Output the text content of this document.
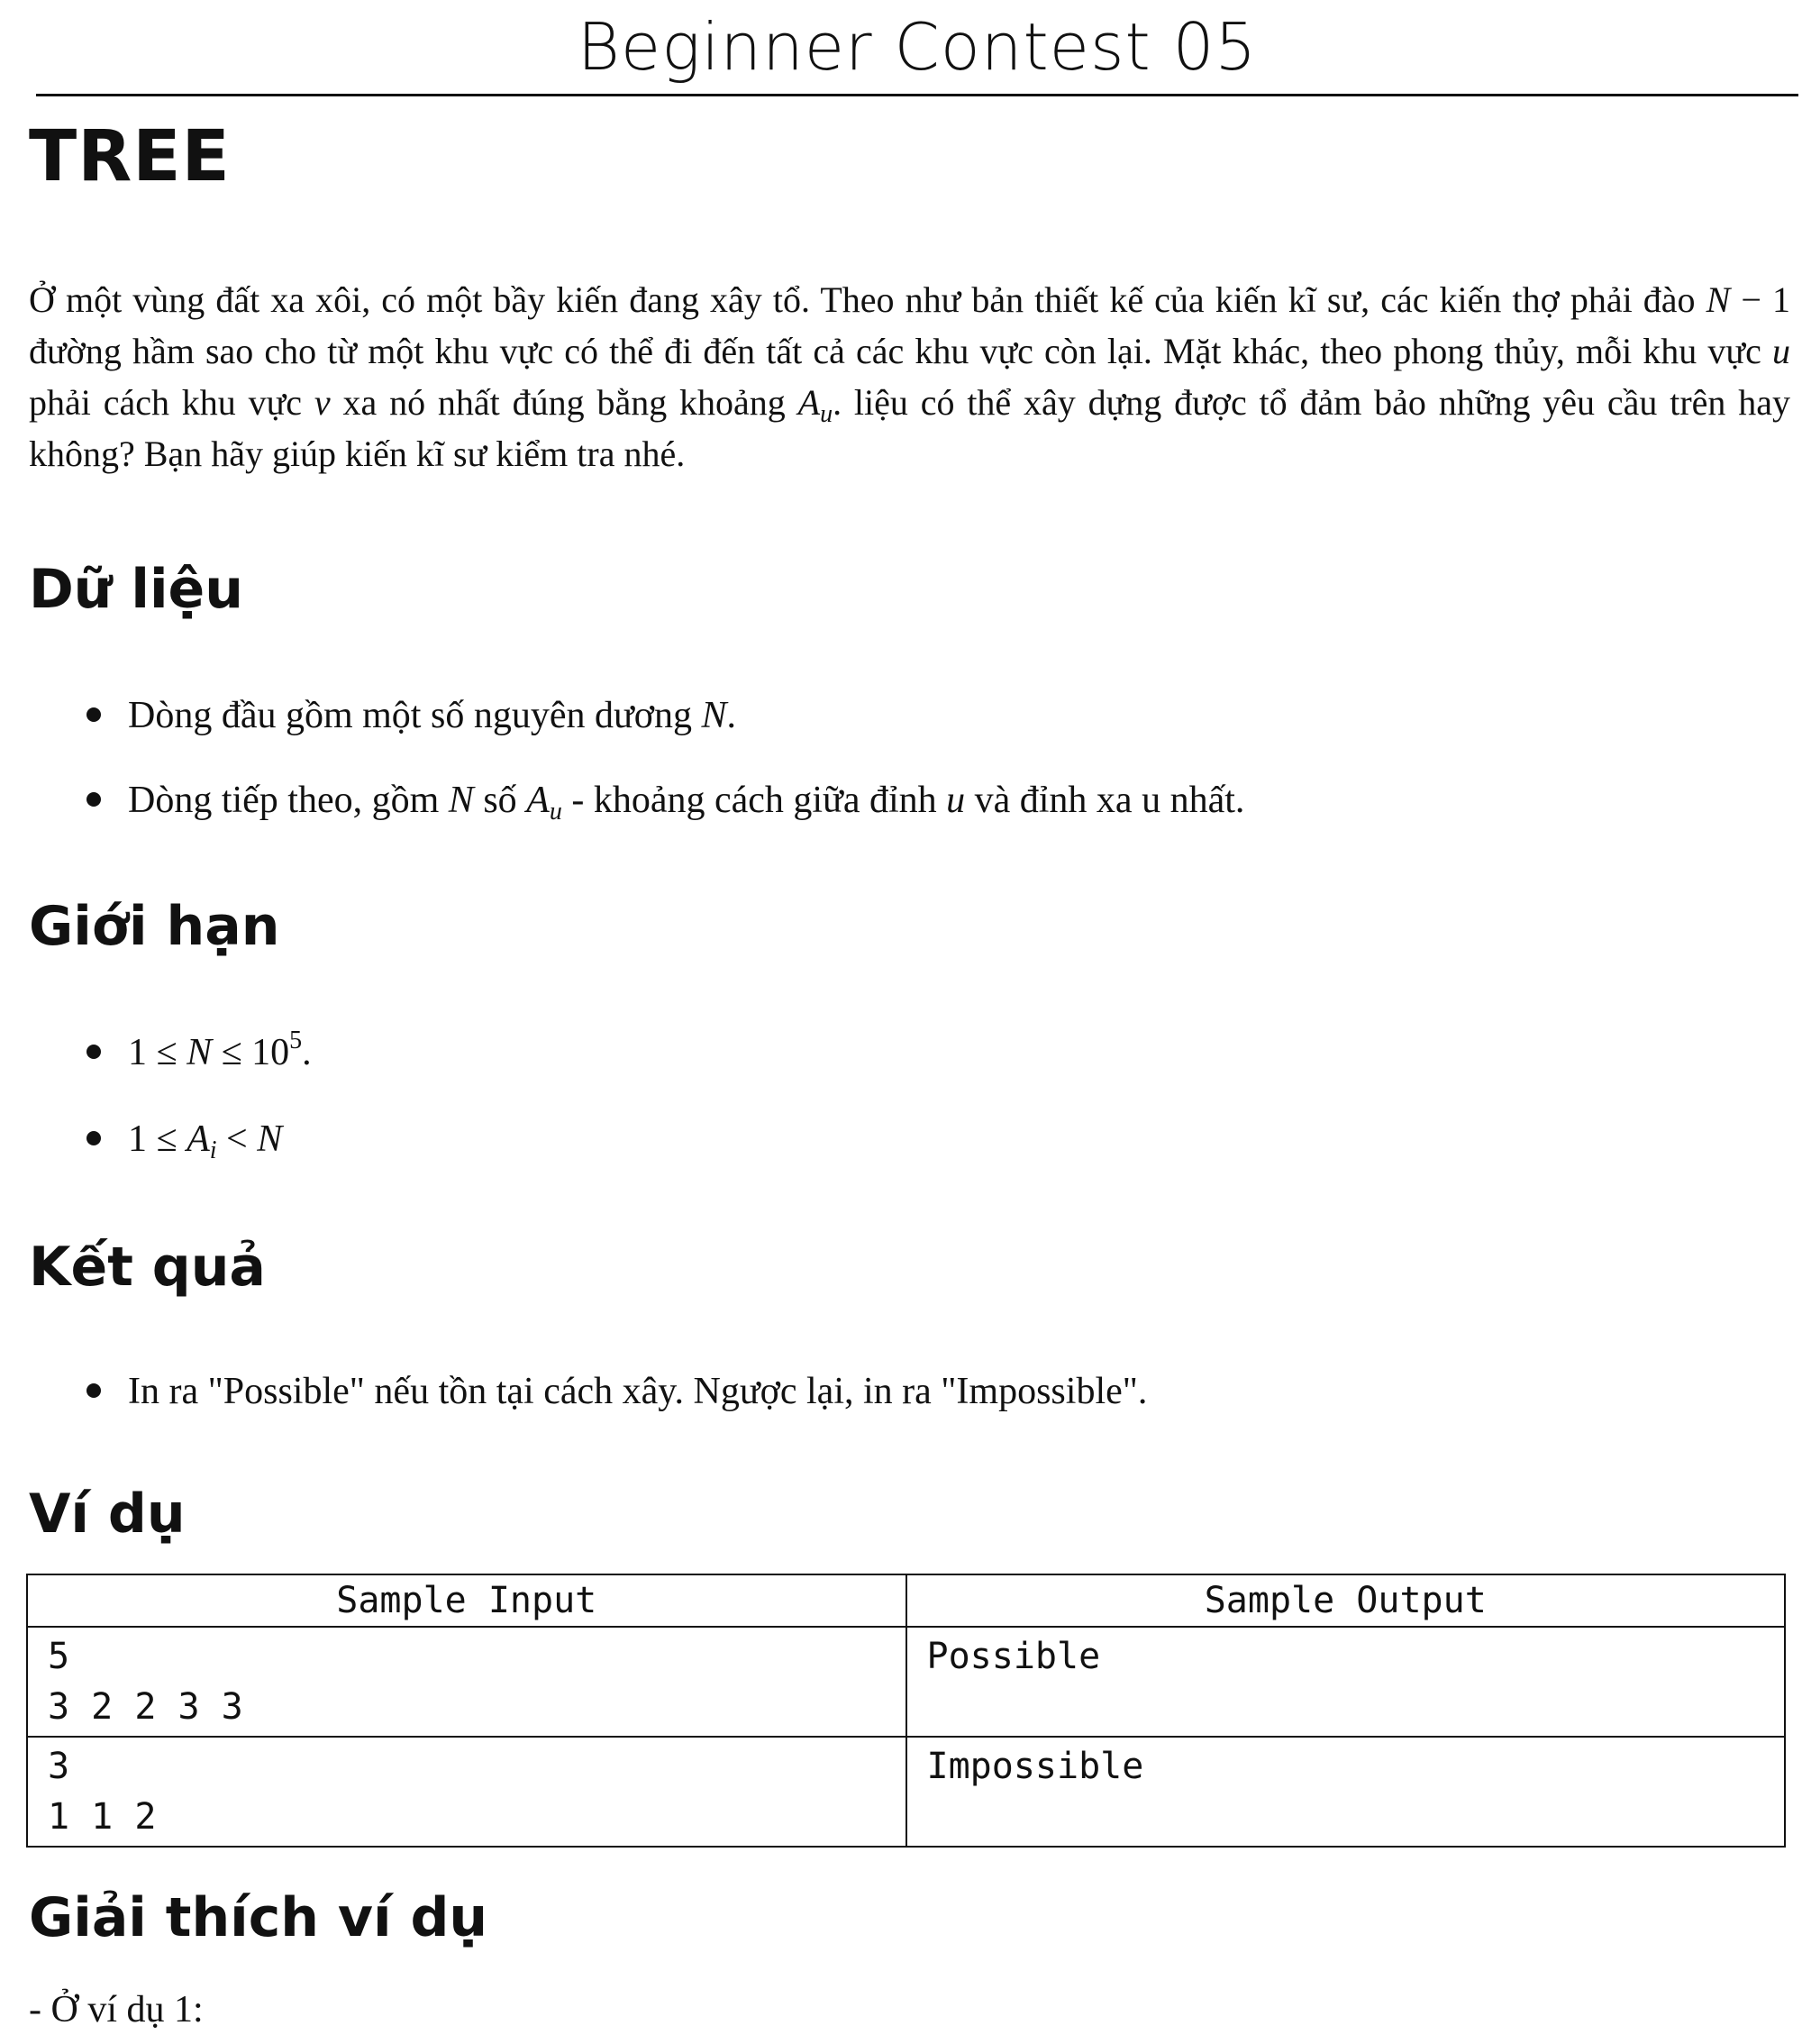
Beginner Contest 05
TREE

Ở một vùng đất xa xôi, có một bầy kiến đang xây tổ. Theo như bản thiết kế của kiến kĩ sư, các kiến thợ phải đào N − 1 đường hầm sao cho từ một khu vực có thể đi đến tất cả các khu vực còn lại. Mặt khác, theo phong thủy, mỗi khu vực u phải cách khu vực v xa nó nhất đúng bằng khoảng $A_u$. liệu có thể xây dựng được tổ đảm bảo những yêu cầu trên hay không? Bạn hãy giúp kiến kĩ sư kiểm tra nhé.

Dữ liệu
Dòng đầu gồm một số nguyên dương N.
Dòng tiếp theo, gồm N số $A_u$ - khoảng cách giữa đỉnh u và đỉnh xa u nhất.
Giới hạn
$1 \le N \le 10^5$.
$1 \le A_i < N$
Kết quả
In ra "Possible" nếu tồn tại cách xây. Ngược lại, in ra "Impossible".
Ví dụ
Sample Input	Sample Output

5
3 2 2 3 3	Possible

3
1 1 2	Impossible
Giải thích ví dụ
- Ở ví dụ 1:
